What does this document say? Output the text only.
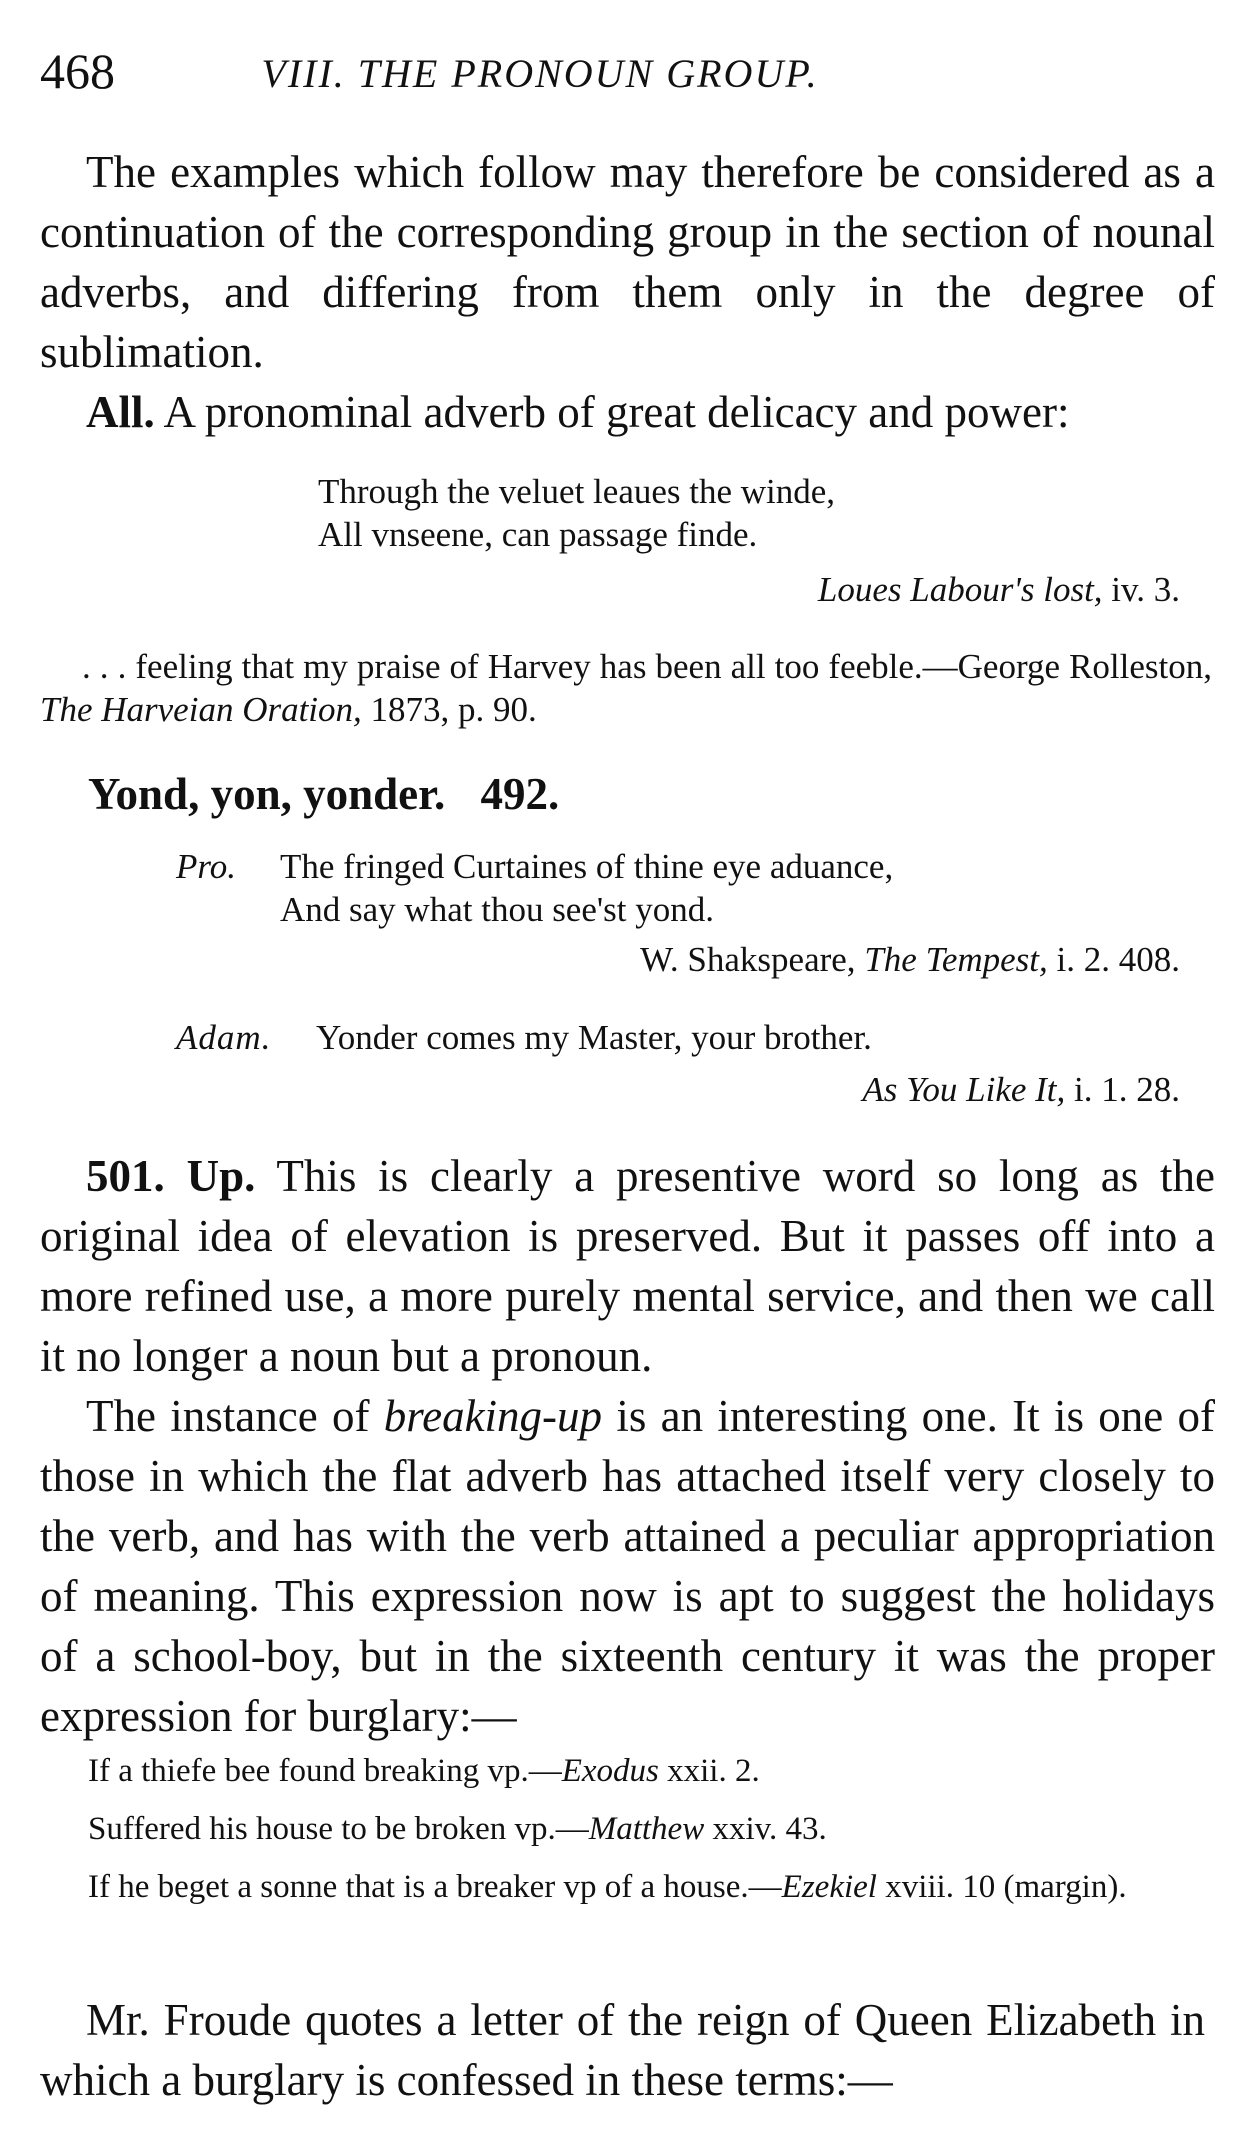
468	VIII. THE PRONOUN GROUP.

The examples which follow may therefore be considered as a continuation of the corresponding group in the section of nounal adverbs, and differing from them only in the degree of sublimation.

All. A pronominal adverb of great delicacy and power:

Through the veluet leaues the winde,
All vnseene, can passage finde.
Loues Labour's lost, iv. 3.

. . . feeling that my praise of Harvey has been all too feeble.—George Rolleston, The Harveian Oration, 1873, p. 90.

Yond, yon, yonder. 492.
Pro. The fringed Curtaines of thine eye aduance,
And say what thou see'st yond.
W. Shakspeare, The Tempest, i. 2. 408.
Adam. Yonder comes my Master, your brother.
As You Like It, i. 1. 28.

501. Up. This is clearly a presentive word so long as the original idea of elevation is preserved. But it passes off into a more refined use, a more purely mental service, and then we call it no longer a noun but a pronoun.

The instance of breaking-up is an interesting one. It is one of those in which the flat adverb has attached itself very closely to the verb, and has with the verb attained a peculiar appropriation of meaning. This expression now is apt to suggest the holidays of a school-boy, but in the sixteenth century it was the proper expression for burglary:—

If a thiefe bee found breaking vp.—Exodus xxii. 2.
Suffered his house to be broken vp.—Matthew xxiv. 43.
If he beget a sonne that is a breaker vp of a house.—Ezekiel xviii. 10 (margin).

Mr. Froude quotes a letter of the reign of Queen Elizabeth in which a burglary is confessed in these terms:—
